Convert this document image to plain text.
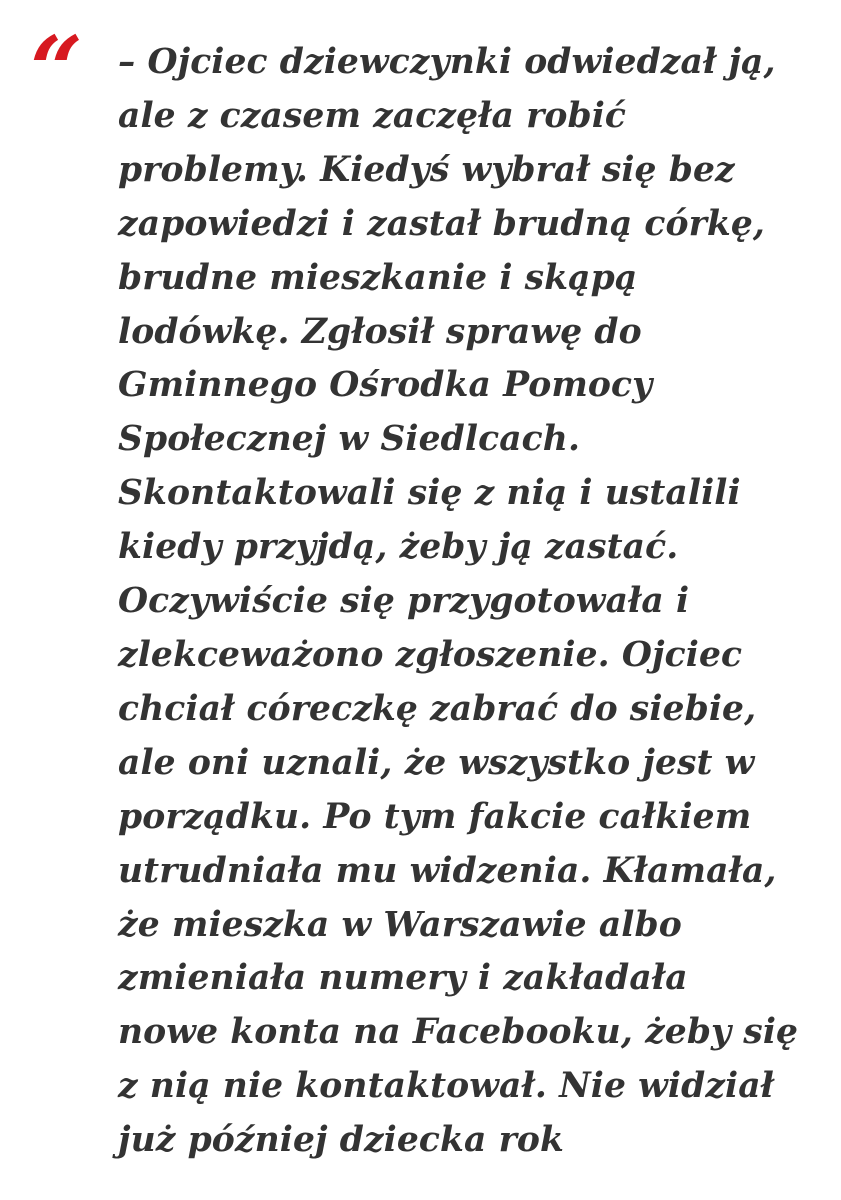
“ – Ojciec dziewczynki odwiedzał ją,
ale z czasem zaczęła robić
problemy. Kiedyś wybrał się bez
zapowiedzi i zastał brudną córkę,
brudne mieszkanie i skąpą
lodówkę. Zgłosił sprawę do
Gminnego Ośrodka Pomocy
Społecznej w Siedlcach.
Skontaktowali się z nią i ustalili
kiedy przyjdą, żeby ją zastać.
Oczywiście się przygotowała i
zlekceważono zgłoszenie. Ojciec
chciał córeczkę zabrać do siebie,
ale oni uznali, że wszystko jest w
porządku. Po tym fakcie całkiem
utrudniała mu widzenia. Kłamała,
że mieszka w Warszawie albo
zmieniała numery i zakładała
nowe konta na Facebooku, żeby się
z nią nie kontaktował. Nie widział
już później dziecka rok
